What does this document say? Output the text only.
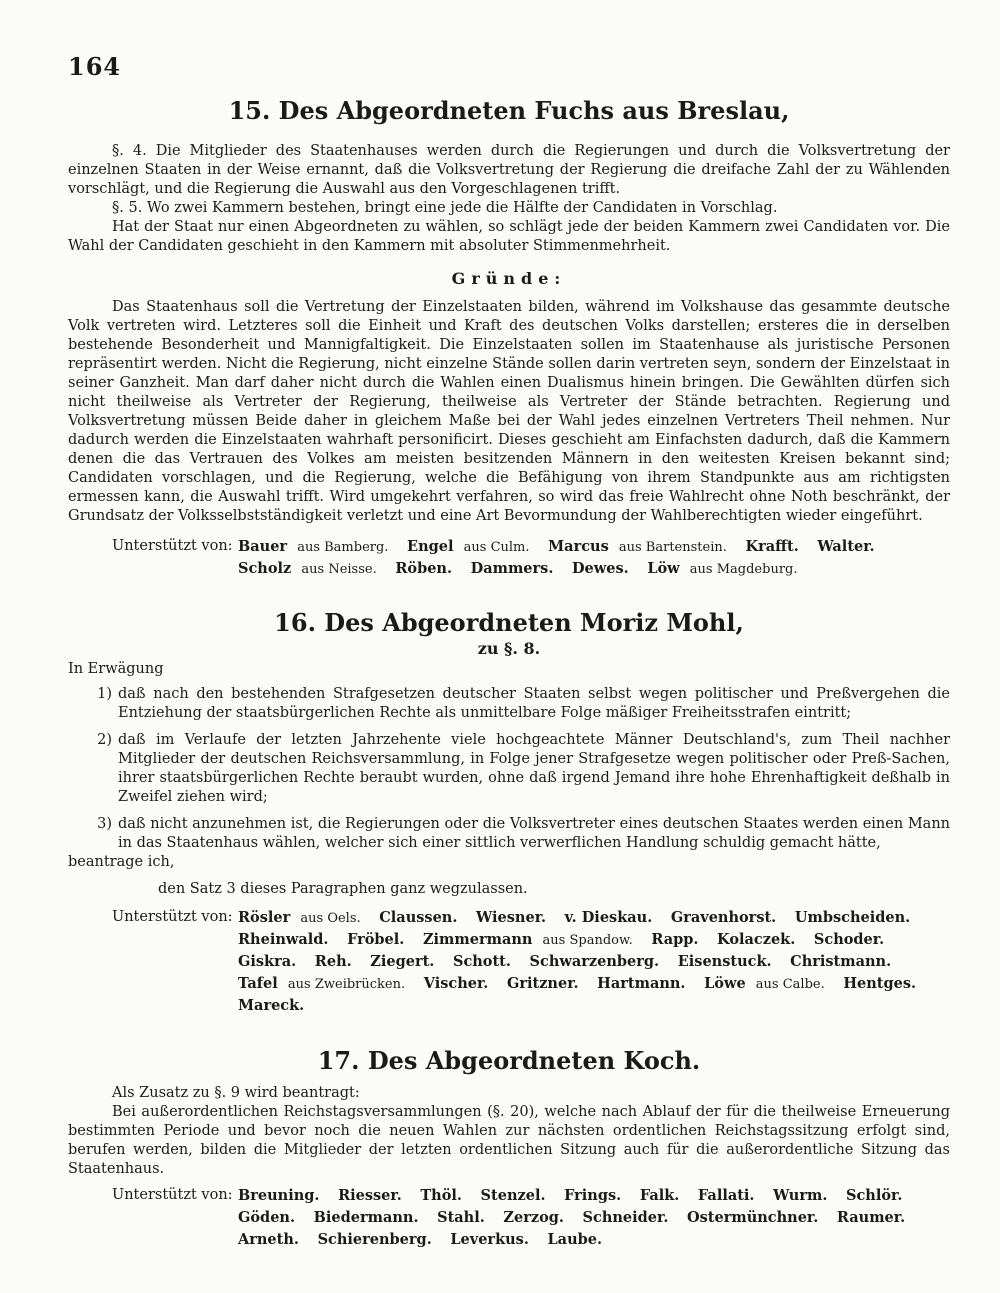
164
15. Des Abgeordneten Fuchs aus Breslau,

§. 4. Die Mitglieder des Staatenhauses werden durch die Regierungen und durch die Volksvertretung der einzelnen Staaten in der Weise ernannt, daß die Volksvertretung der Regierung die dreifache Zahl der zu Wählenden vorschlägt, und die Regierung die Auswahl aus den Vorgeschlagenen trifft.

§. 5. Wo zwei Kammern bestehen, bringt eine jede die Hälfte der Candidaten in Vorschlag.

Hat der Staat nur einen Abgeordneten zu wählen, so schlägt jede der beiden Kammern zwei Candidaten vor. Die Wahl der Candidaten geschieht in den Kammern mit absoluter Stimmenmehrheit.

Gründe:

Das Staatenhaus soll die Vertretung der Einzelstaaten bilden, während im Volkshause das gesammte deutsche Volk vertreten wird. Letzteres soll die Einheit und Kraft des deutschen Volks darstellen; ersteres die in derselben bestehende Besonderheit und Mannigfaltigkeit. Die Einzelstaaten sollen im Staatenhause als juristische Personen repräsentirt werden. Nicht die Regierung, nicht einzelne Stände sollen darin vertreten seyn, sondern der Einzelstaat in seiner Ganzheit. Man darf daher nicht durch die Wahlen einen Dualismus hinein bringen. Die Gewählten dürfen sich nicht theilweise als Vertreter der Regierung, theilweise als Vertreter der Stände betrachten. Regierung und Volksvertretung müssen Beide daher in gleichem Maße bei der Wahl jedes einzelnen Vertreters Theil nehmen. Nur dadurch werden die Einzelstaaten wahrhaft personificirt. Dieses geschieht am Einfachsten dadurch, daß die Kammern denen die das Vertrauen des Volkes am meisten besitzenden Männern in den weitesten Kreisen bekannt sind; Candidaten vorschlagen, und die Regierung, welche die Befähigung von ihrem Standpunkte aus am richtigsten ermessen kann, die Auswahl trifft. Wird umgekehrt verfahren, so wird das freie Wahlrecht ohne Noth beschränkt, der Grundsatz der Volksselbstständigkeit verletzt und eine Art Bevormundung der Wahlberechtigten wieder eingeführt.

Unterstützt von: Bauer aus Bamberg. Engel aus Culm. Marcus aus Bartenstein. Krafft. Walter. Scholz aus Neisse. Röben. Dammers. Dewes. Löw aus Magdeburg.
16. Des Abgeordneten Moriz Mohl,
zu §. 8.

In Erwägung

1) daß nach den bestehenden Strafgesetzen deutscher Staaten selbst wegen politischer und Preßvergehen die Entziehung der staatsbürgerlichen Rechte als unmittelbare Folge mäßiger Freiheitsstrafen eintritt;
2) daß im Verlaufe der letzten Jahrzehente viele hochgeachtete Männer Deutschland's, zum Theil nachher Mitglieder der deutschen Reichsversammlung, in Folge jener Strafgesetze wegen politischer oder Preß-Sachen, ihrer staatsbürgerlichen Rechte beraubt wurden, ohne daß irgend Jemand ihre hohe Ehrenhaftigkeit deßhalb in Zweifel ziehen wird;
3) daß nicht anzunehmen ist, die Regierungen oder die Volksvertreter eines deutschen Staates werden einen Mann in das Staatenhaus wählen, welcher sich einer sittlich verwerflichen Handlung schuldig gemacht hätte,

beantrage ich,

den Satz 3 dieses Paragraphen ganz wegzulassen.

Unterstützt von: Rösler aus Oels. Claussen. Wiesner. v. Dieskau. Gravenhorst. Umbscheiden. Rheinwald. Fröbel. Zimmermann aus Spandow. Rapp. Kolaczek. Schoder. Giskra. Reh. Ziegert. Schott. Schwarzenberg. Eisenstuck. Christmann. Tafel aus Zweibrücken. Vischer. Gritzner. Hartmann. Löwe aus Calbe. Hentges. Mareck.
17. Des Abgeordneten Koch.

Als Zusatz zu §. 9 wird beantragt:

Bei außerordentlichen Reichstagsversammlungen (§. 20), welche nach Ablauf der für die theilweise Erneuerung bestimmten Periode und bevor noch die neuen Wahlen zur nächsten ordentlichen Reichstagssitzung erfolgt sind, berufen werden, bilden die Mitglieder der letzten ordentlichen Sitzung auch für die außerordentliche Sitzung das Staatenhaus.

Unterstützt von: Breuning. Riesser. Thöl. Stenzel. Frings. Falk. Fallati. Wurm. Schlör. Göden. Biedermann. Stahl. Zerzog. Schneider. Ostermünchner. Raumer. Arneth. Schierenberg. Leverkus. Laube.
